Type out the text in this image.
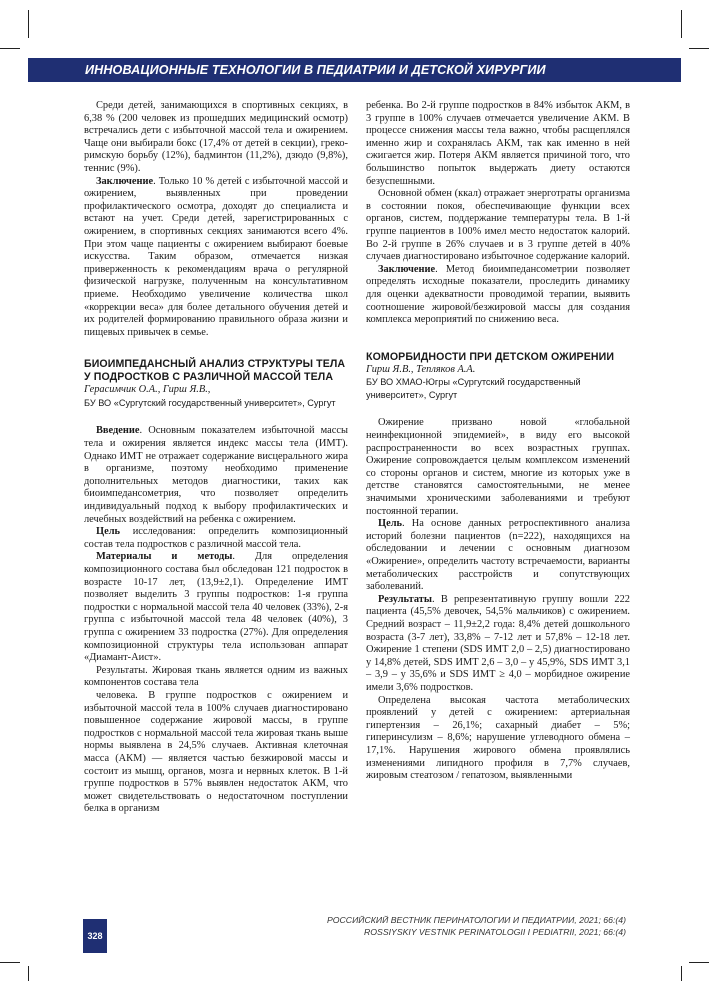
ИННОВАЦИОННЫЕ ТЕХНОЛОГИИ В ПЕДИАТРИИ И ДЕТСКОЙ ХИРУРГИИ

Среди детей, занимающихся в спортивных секциях, в 6,38 % (200 человек из прошедших медицинский осмотр) встречались дети с избыточной массой тела и ожирением. Чаще они выбирали бокс (17,4% от детей в секции), греко-римскую борьбу (12%), бадминтон (11,2%), дзюдо (9,8%), теннис (9%).

Заключение. Только 10 % детей с избыточной массой и ожирением, выявленных при проведении профилактического осмотра, доходят до специалиста и встают на учет. Среди детей, зарегистрированных с ожирением, в спортивных секциях занимаются всего 4%. При этом чаще пациенты с ожирением выбирают боевые искусства. Таким образом, отмечается низкая приверженность к рекомендациям врача о регулярной физической нагрузке, полученным на консультативном приеме. Необходимо увеличение количества школ «коррекции веса» для более детального обучения детей и их родителей формированию правильного образа жизни и пищевых привычек в семье.

БИОИМПЕДАНСНЫЙ АНАЛИЗ СТРУКТУРЫ ТЕЛА У ПОДРОСТКОВ С РАЗЛИЧНОЙ МАССОЙ ТЕЛА
Герасимчик О.А., Гирш Я.В.,
БУ ВО «Сургутский государственный университет», Сургут

Введение. Основным показателем избыточной массы тела и ожирения является индекс массы тела (ИМТ). Однако ИМТ не отражает содержание висцерального жира в организме, поэтому необходимо применение дополнительных методов диагностики, таких как биоимпедансометрия, что позволяет определить индивидуальный подход к выбору профилактических и лечебных воздействий на ребенка с ожирением.

Цель исследования: определить композиционный состав тела подростков с различной массой тела.

Материалы и методы. Для определения композиционного состава был обследован 121 подросток в возрасте 10-17 лет, (13,9±2,1). Определение ИМТ позволяет выделить 3 группы подростков: 1-я группа подростки с нормальной массой тела 40 человек (33%), 2-я группа с избыточной массой тела 48 человек (40%), 3 группа с ожирением 33 подростка (27%). Для определения композиционной структуры тела использован аппарат «Диамант-Аист».

Результаты. Жировая ткань является одним из важных компонентов состава тела

человека. В группе подростков с ожирением и избыточной массой тела в 100% случаев диагностировано повышенное содержание жировой массы, в группе подростков с нормальной массой тела жировая ткань выше нормы выявлена в 24,5% случаев. Активная клеточная масса (АКМ) — является частью безжировой массы и состоит из мышц, органов, мозга и нервных клеток. В 1-й группе подростков в 57% выявлен недостаток АКМ, что может свидетельствовать о недостаточном поступлении белка в организм

ребенка. Во 2-й группе подростков в 84% избыток АКМ, в 3 группе в 100% случаев отмечается увеличение АКМ. В процессе снижения массы тела важно, чтобы расщеплялся именно жир и сохранялась АКМ, так как именно в ней сжигается жир. Потеря АКМ является причиной того, что большинство попыток выдержать диету остаются безуспешными.

Основной обмен (ккал) отражает энерготраты организма в состоянии покоя, обеспечивающие функции всех органов, систем, поддержание температуры тела. В 1-й группе пациентов в 100% имел место недостаток калорий. Во 2-й группе в 26% случаев и в 3 группе детей в 40% случаев диагностировано избыточное содержание калорий.

Заключение. Метод биоимпедансометрии позволяет определять исходные показатели, проследить динамику для оценки адекватности проводимой терапии, выявить соотношение жировой/безжировой массы для создания комплекса мероприятий по снижению веса.

КОМОРБИДНОСТИ ПРИ ДЕТСКОМ ОЖИРЕНИИ
Гирш Я.В., Тепляков А.А.
БУ ВО ХМАО-Югры «Сургутский государственный университет», Сургут

Ожирение призвано новой «глобальной неинфекционной эпидемией», в виду его высокой распространенности во всех возрастных группах. Ожирение сопровождается целым комплексом изменений со стороны органов и систем, многие из которых уже в детстве становятся самостоятельными, не менее значимыми хроническими заболеваниями и требуют постоянной терапии.

Цель. На основе данных ретроспективного анализа историй болезни пациентов (n=222), находящихся на обследовании и лечении с основным диагнозом «Ожирение», определить частоту встречаемости, варианты метаболических расстройств и сопутствующих заболеваний.

Результаты. В репрезентативную группу вошли 222 пациента (45,5% девочек, 54,5% мальчиков) с ожирением. Средний возраст – 11,9±2,2 года: 8,4% детей дошкольного возраста (3-7 лет), 33,8% – 7-12 лет и 57,8% – 12-18 лет. Ожирение 1 степени (SDS ИМТ 2,0 – 2,5) диагностировано у 14,8% детей, SDS ИМТ 2,6 – 3,0 – у 45,9%, SDS ИМТ 3,1 – 3,9 – у 35,6% и SDS ИМТ ≥ 4,0 – морбидное ожирение имели 3,6% подростков.

Определена высокая частота метаболических проявлений у детей с ожирением: артериальная гипертензия – 26,1%; сахарный диабет – 5%; гиперинсулизм – 8,6%; нарушение углеводного обмена – 17,1%. Нарушения жирового обмена проявлялись изменениями липидного профиля в 7,7% случаев, жировым стеатозом / гепатозом, выявленными

РОССИЙСКИЙ ВЕСТНИК ПЕРИНАТОЛОГИИ И ПЕДИАТРИИ, 2021; 66:(4)
ROSSIYSKIY VESTNIK PERINATOLOGII I PEDIATRII, 2021; 66:(4)
328
